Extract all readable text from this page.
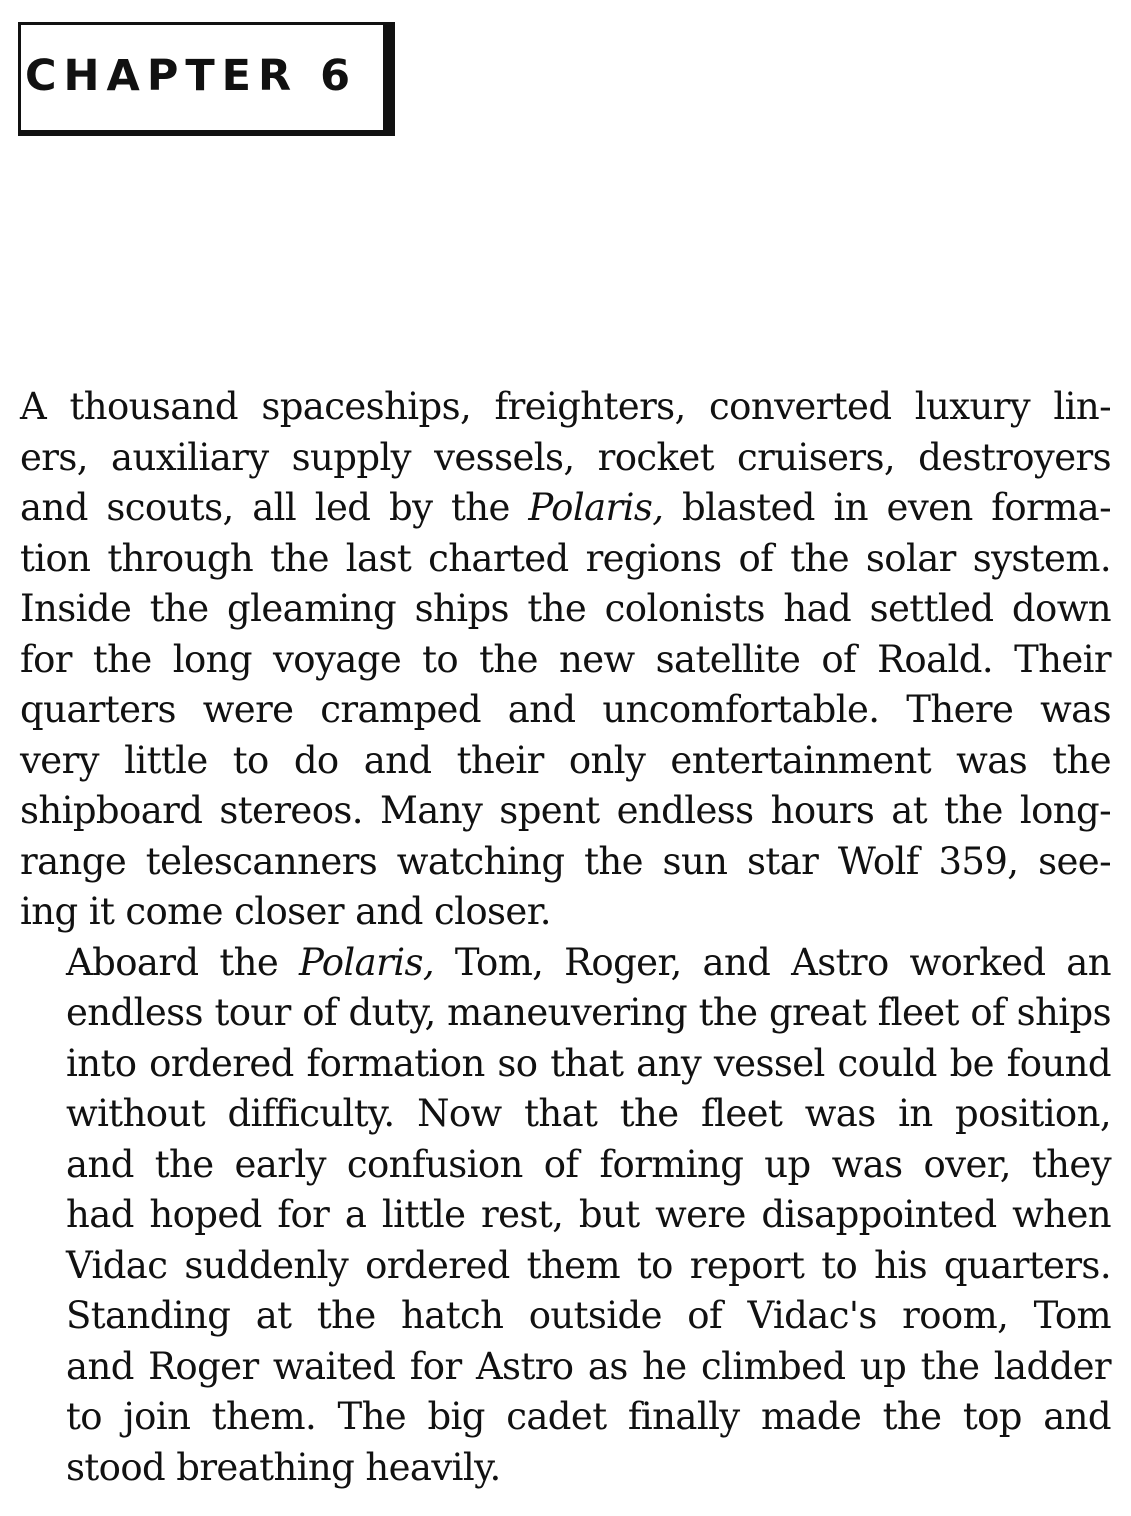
CHAPTER 6

A thousand spaceships, freighters, converted luxury lin-
ers, auxiliary supply vessels, rocket cruisers, destroyers
and scouts, all led by the Polaris, blasted in even forma-
tion through the last charted regions of the solar system.
Inside the gleaming ships the colonists had settled down
for the long voyage to the new satellite of Roald. Their
quarters were cramped and uncomfortable. There was
very little to do and their only entertainment was the
shipboard stereos. Many spent endless hours at the long-
range telescanners watching the sun star Wolf 359, see-
ing it come closer and closer.

Aboard the Polaris, Tom, Roger, and Astro worked an
endless tour of duty, maneuvering the great fleet of ships
into ordered formation so that any vessel could be found
without difficulty. Now that the fleet was in position,
and the early confusion of forming up was over, they
had hoped for a little rest, but were disappointed when
Vidac suddenly ordered them to report to his quarters.

Standing at the hatch outside of Vidac's room, Tom
and Roger waited for Astro as he climbed up the ladder
to join them. The big cadet finally made the top and
stood breathing heavily.
